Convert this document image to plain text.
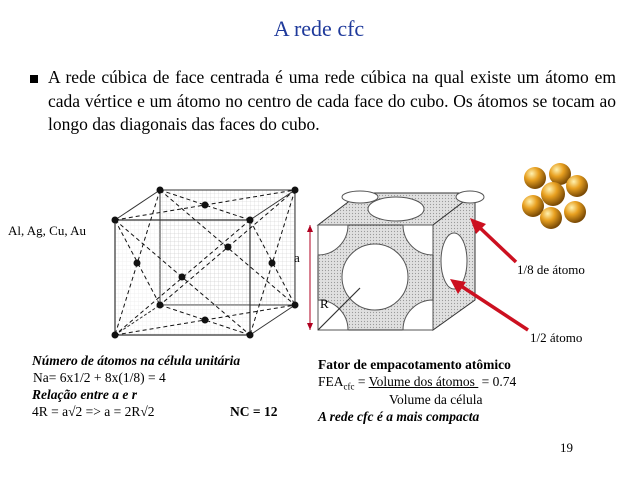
A rede cfc
A rede cúbica de face centrada é uma rede cúbica na qual existe um átomo em cada vértice e um átomo no centro de cada face do cubo. Os átomos se tocam ao longo das diagonais das faces do cubo.
Al, Ag, Cu, Au
a
R
1/8 de átomo
1/2 átomo
Número de átomos na célula unitária
Na= 6x1/2 + 8x(1/8) = 4
Relação entre a e r
4R = a√2 => a = 2R√2	NC = 12
Fator de empacotamento atômico
$FEA_{cfc}$ = Volume dos átomos  = 0.74
Volume da célula
A rede cfc é a mais compacta
19
